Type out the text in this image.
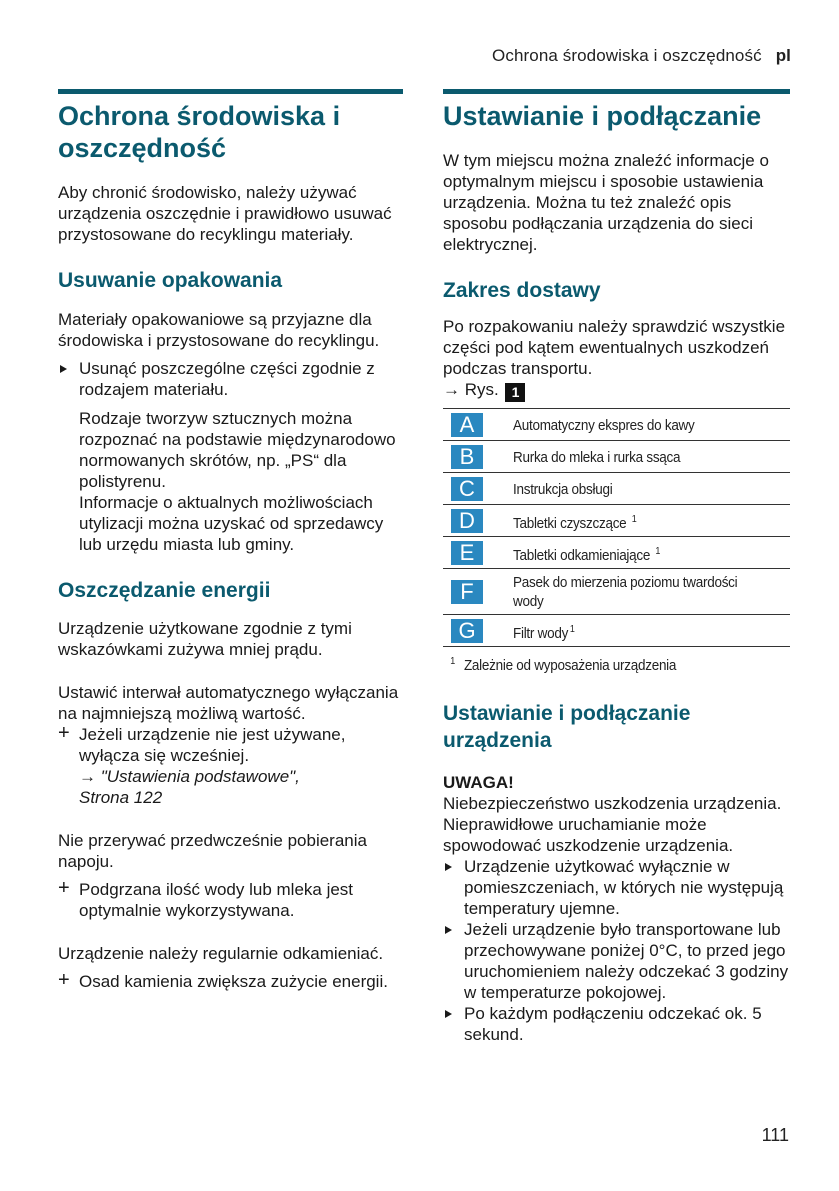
Ochrona środowiska i oszczędność pl
Ochrona środowiska i
oszczędność

Aby chronić środowisko, należy używać urządzenia oszczędnie i prawidłowo usuwać przystosowane do recyklingu materiały.

Usuwanie opakowania

Materiały opakowaniowe są przyjazne dla środowiska i przystosowane do recyklingu.

Usunąć poszczególne części zgodnie z rodzajem materiału.
Rodzaje tworzyw sztucznych można rozpoznać na podstawie międzynarodowo normowanych skrótów, np. „PS“ dla polistyrenu.
Informacje o aktualnych możliwościach utylizacji można uzyskać od sprzedawcy lub urzędu miasta lub gminy.
Oszczędzanie energii

Urządzenie użytkowane zgodnie z tymi wskazówkami zużywa mniej prądu.

Ustawić interwał automatycznego wyłączania na najmniejszą możliwą wartość.

+ Jeżeli urządzenie nie jest używane, wyłącza się wcześniej.
→ "Ustawienia podstawowe",
Strona 122

Nie przerywać przedwcześnie pobierania napoju.

+ Podgrzana ilość wody lub mleka jest optymalnie wykorzystywana.

Urządzenie należy regularnie odkamieniać.

+ Osad kamienia zwiększa zużycie energii.
Ustawianie i podłączanie

W tym miejscu można znaleźć informacje o optymalnym miejscu i sposobie ustawienia urządzenia. Można tu też znaleźć opis sposobu podłączania urządzenia do sieci elektrycznej.

Zakres dostawy

Po rozpakowaniu należy sprawdzić wszystkie części pod kątem ewentualnych uszkodzeń podczas transportu.
→ Rys. 1

A	Automatyczny ekspres do kawy
B	Rurka do mleka i rurka ssąca
C	Instrukcja obsługi
D	Tabletki czyszczące $^1$
E	Tabletki odkamieniające $^1$
F	Pasek do mierzenia poziomu twardości wody
G	Filtr wody $^1$
$^1$ Zależnie od wyposażenia urządzenia
Ustawianie i podłączanie
urządzenia
UWAGA!

Niebezpieczeństwo uszkodzenia urządzenia. Nieprawidłowe uruchamianie może spowodować uszkodzenie urządzenia.

Urządzenie użytkować wyłącznie w pomieszczeniach, w których nie występują temperatury ujemne.
Jeżeli urządzenie było transportowane lub przechowywane poniżej 0°C, to przed jego uruchomieniem należy odczekać 3 godziny w temperaturze pokojowej.
Po każdym podłączeniu odczekać ok. 5 sekund.
111
